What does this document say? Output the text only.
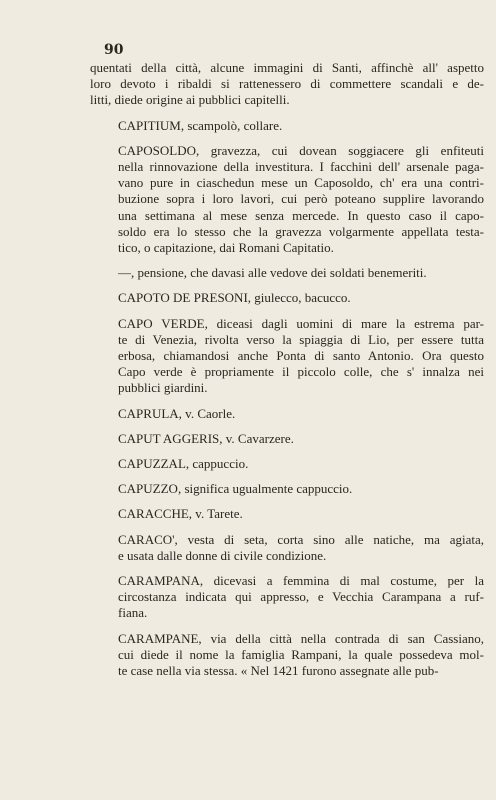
90
quentati della città, alcune immagini di Santi, affinchè all' aspetto
loro devoto i ribaldi si rattenessero di commettere scandali e de-
litti, diede origine ai pubblici capitelli.
CAPITIUM, scampolò, collare.
CAPOSOLDO, gravezza, cui dovean soggiacere gli enfiteuti
nella rinnovazione della investitura. I facchini dell' arsenale paga-
vano pure in ciaschedun mese un Caposoldo, ch' era una contri-
buzione sopra i loro lavori, cui però poteano supplire lavorando
una settimana al mese senza mercede. In questo caso il capo-
soldo era lo stesso che la gravezza volgarmente appellata testa-
tico, o capitazione, dai Romani Capitatio.
—, pensione, che davasi alle vedove dei soldati benemeriti.
CAPOTO DE PRESONI, giulecco, bacucco.
CAPO VERDE, diceasi dagli uomini di mare la estrema par-
te di Venezia, rivolta verso la spiaggia di Lio, per essere tutta
erbosa, chiamandosi anche Ponta di santo Antonio. Ora questo
Capo verde è propriamente il piccolo colle, che s' innalza nei
pubblici giardini.
CAPRULA, v. Caorle.
CAPUT AGGERIS, v. Cavarzere.
CAPUZZAL, cappuccio.
CAPUZZO, significa ugualmente cappuccio.
CARACCHE, v. Tarete.
CARACO', vesta di seta, corta sino alle natiche, ma agiata,
e usata dalle donne di civile condizione.
CARAMPANA, dicevasi a femmina di mal costume, per la
circostanza indicata qui appresso, e Vecchia Carampana a ruf-
fiana.
CARAMPANE, via della città nella contrada di san Cassiano,
cui diede il nome la famiglia Rampani, la quale possedeva mol-
te case nella via stessa. « Nel 1421 furono assegnate alle pub-
